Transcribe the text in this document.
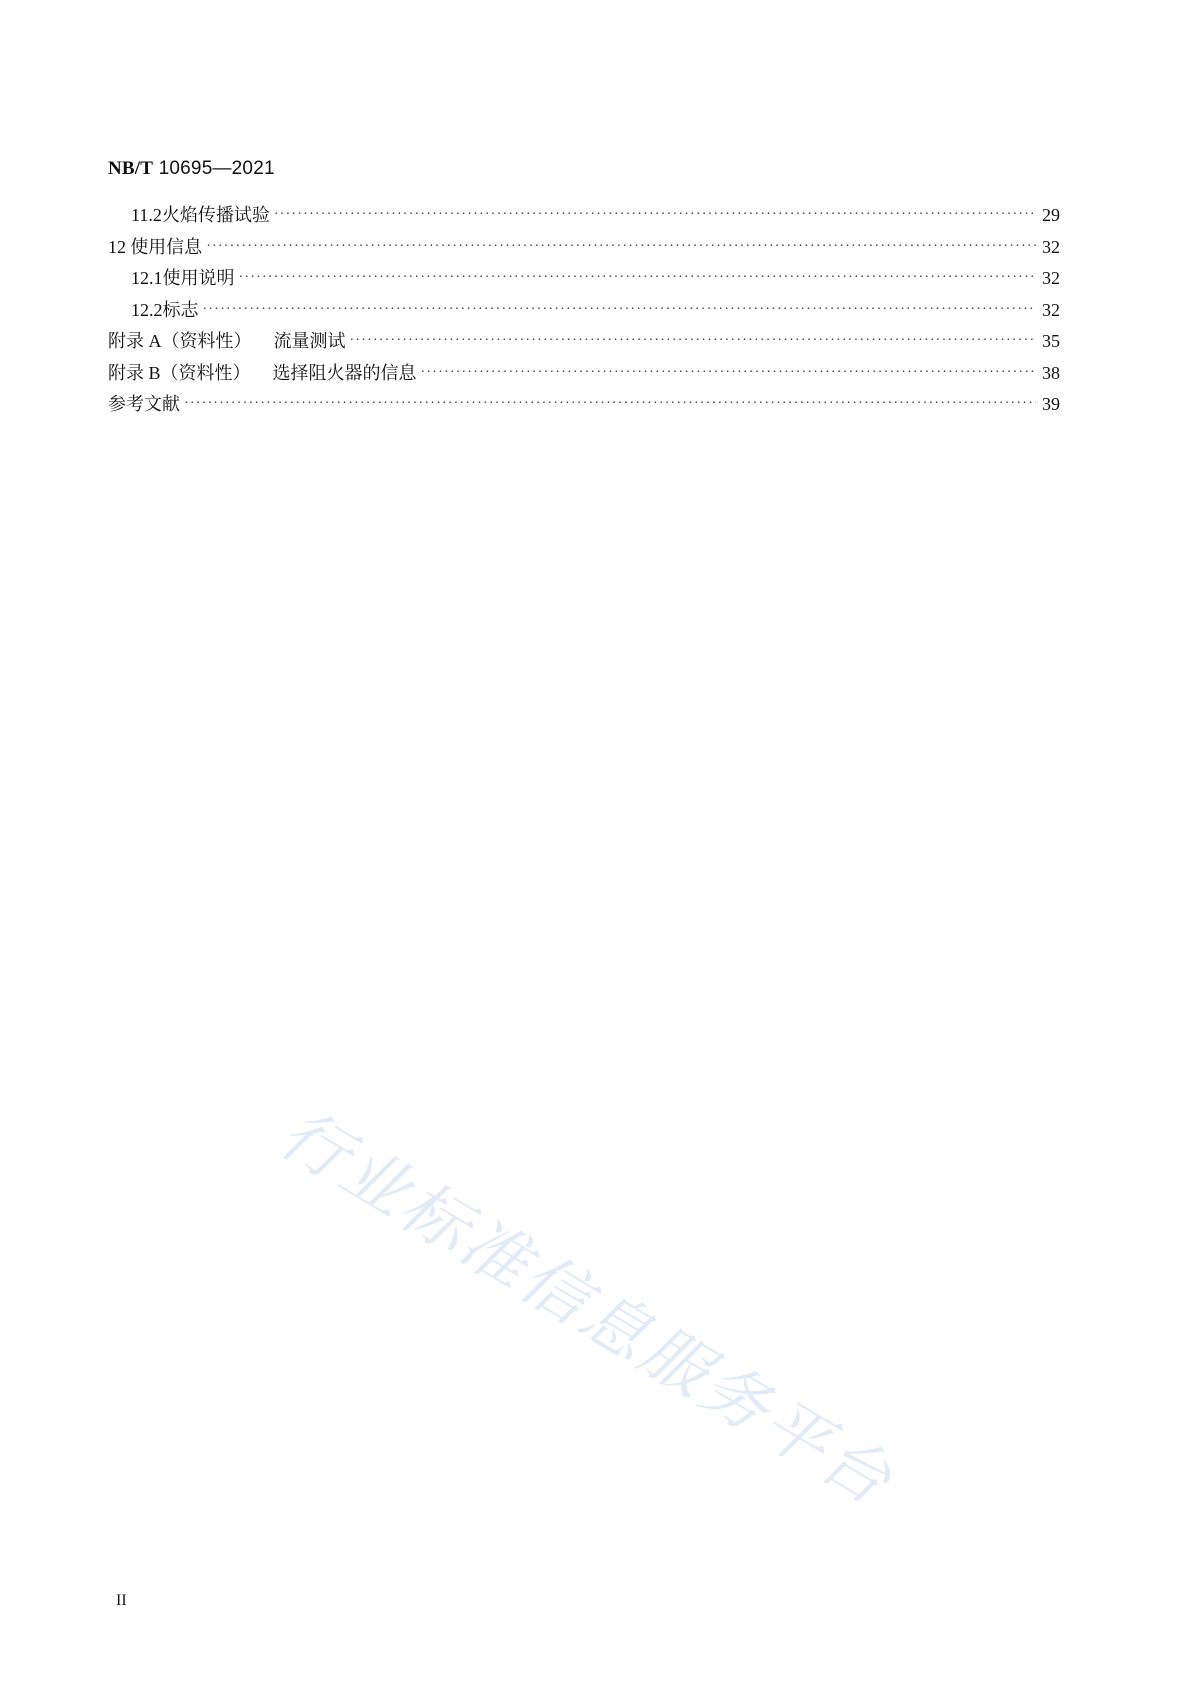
NB/T 10695—2021
11.2 火焰传播试验 ·····	29
12 使用信息 ·····	32
12.1 使用说明 ·····	32
12.2 标志 ·····	32
附录 A（资料性） 流量测试 ·····	35
附录 B（资料性） 选择阻火器的信息 ·····	38
参考文献 ·····	39
行业标准信息服务平台
II
